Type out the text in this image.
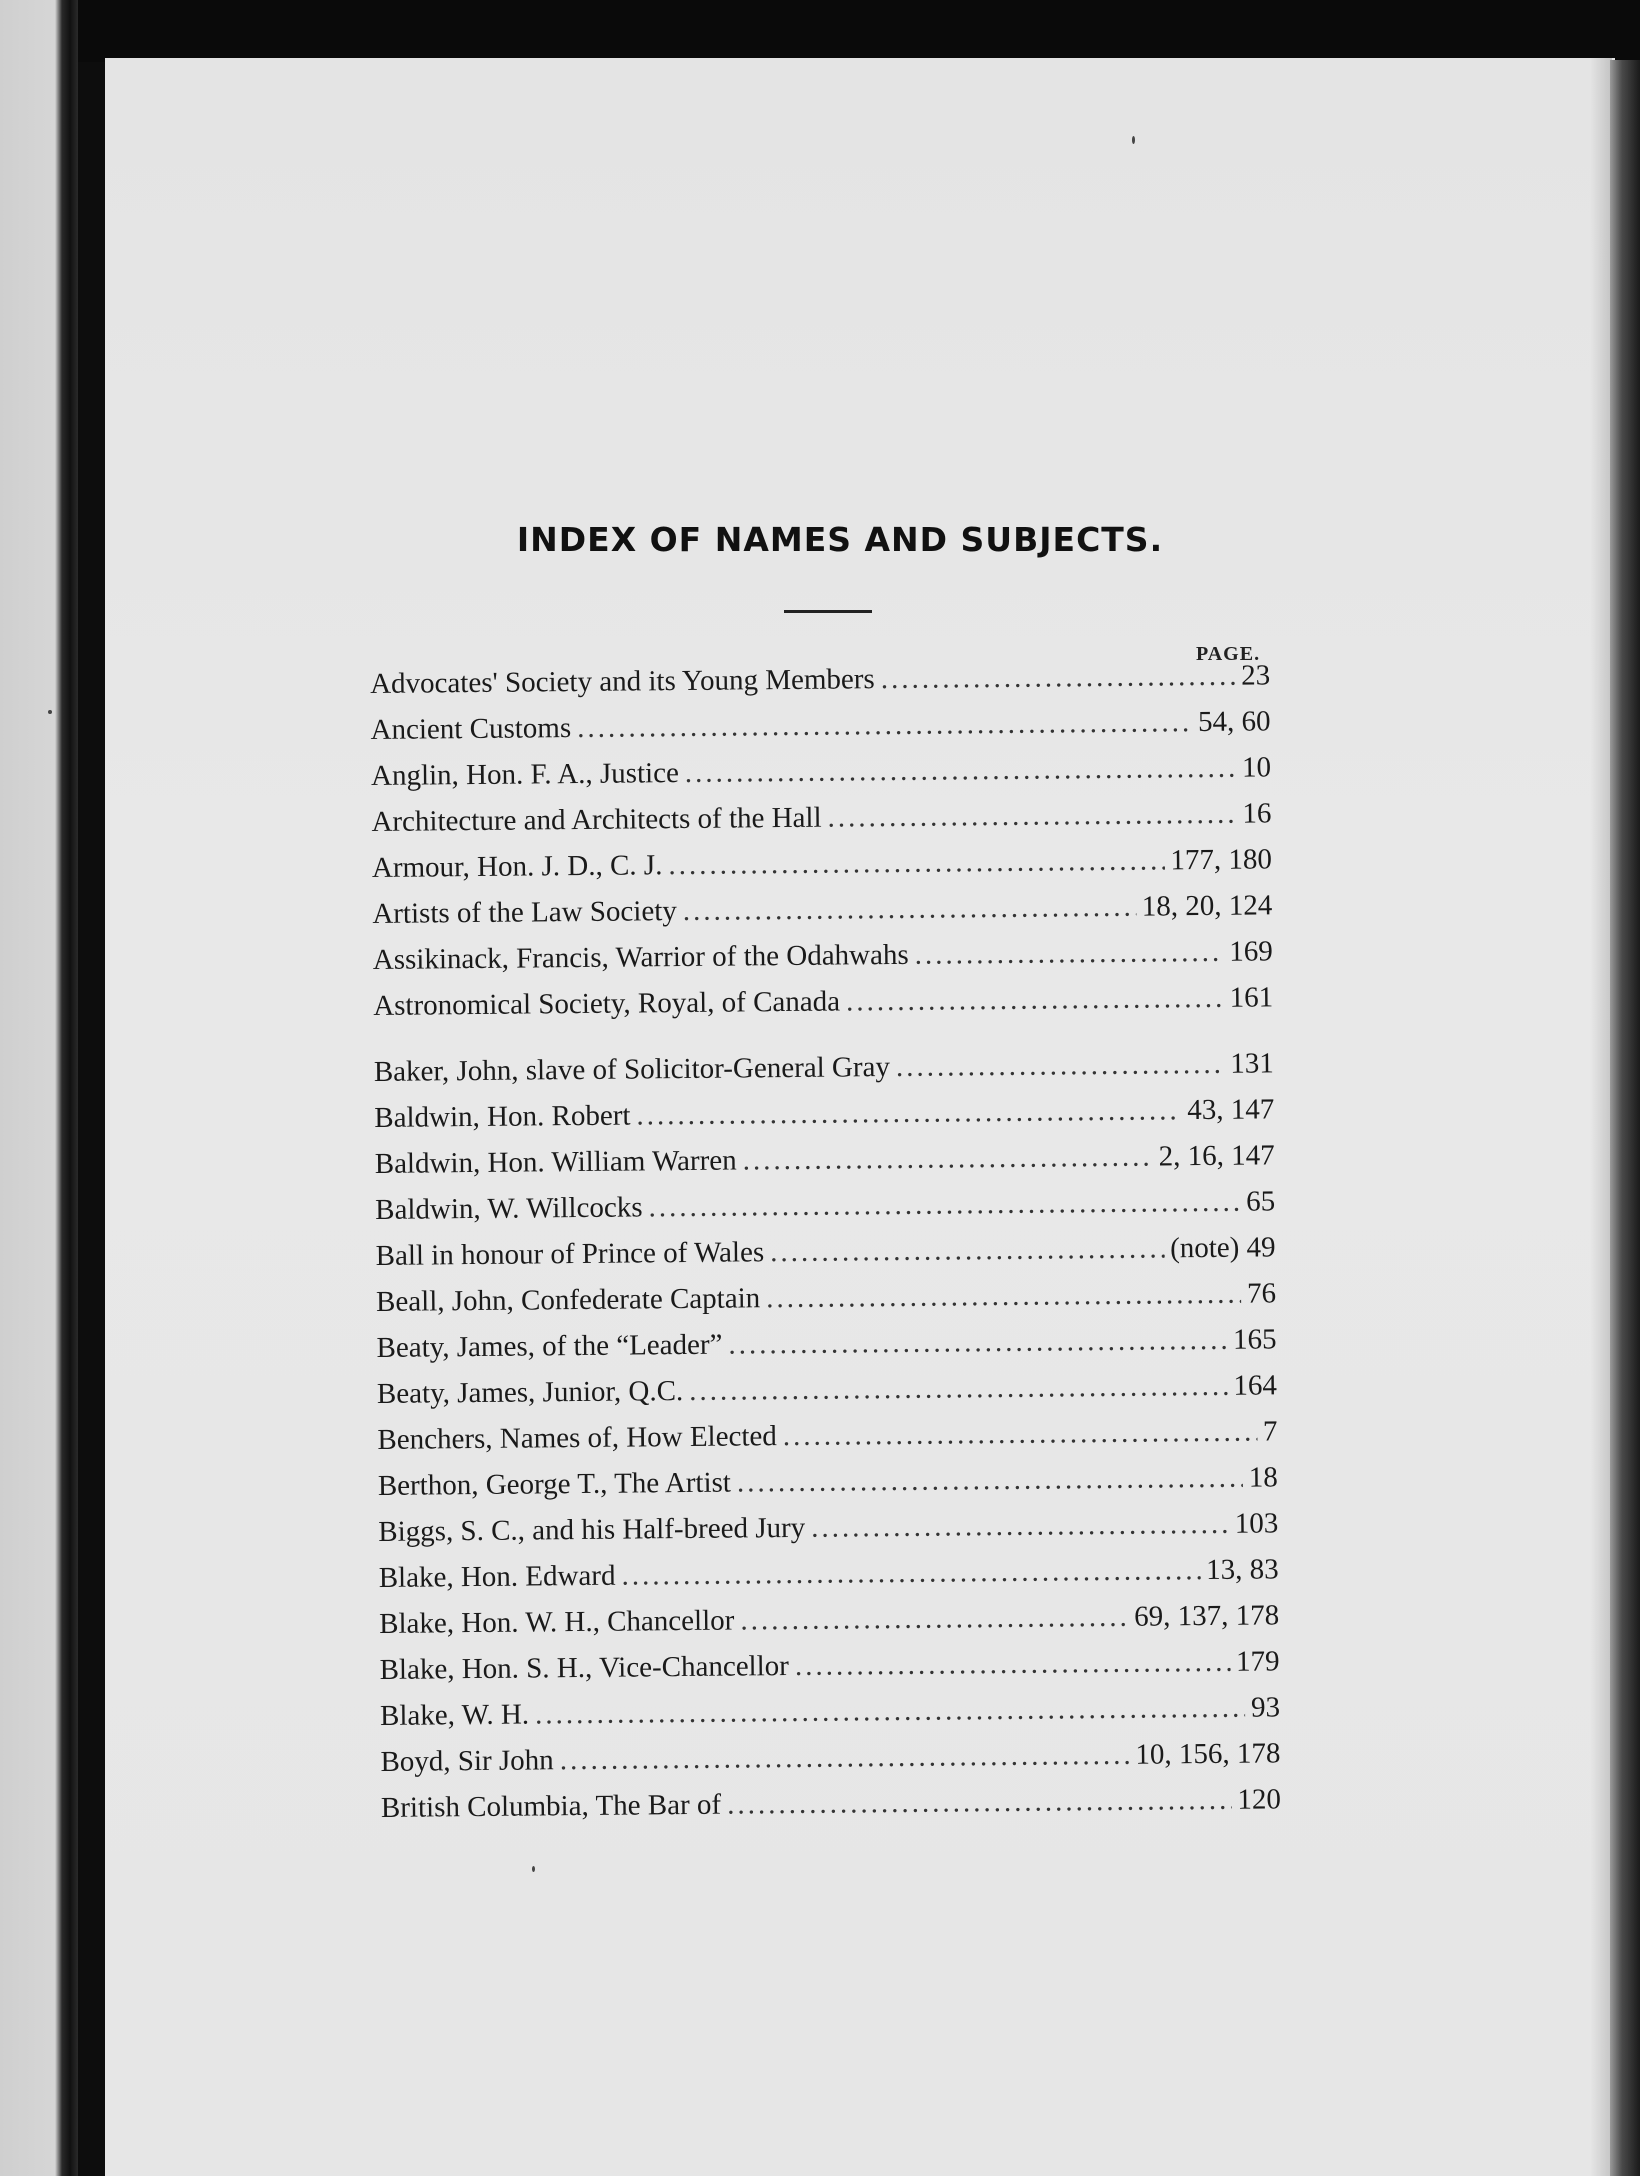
INDEX OF NAMES AND SUBJECTS.
PAGE.
Advocates' Society and its Young Members .....	23
Ancient Customs .....	54, 60
Anglin, Hon. F. A., Justice .....	10
Architecture and Architects of the Hall .....	16
Armour, Hon. J. D., C. J. .....	177, 180
Artists of the Law Society .....	18, 20, 124
Assikinack, Francis, Warrior of the Odahwahs .....	169
Astronomical Society, Royal, of Canada .....	161
Baker, John, slave of Solicitor-General Gray .....	131
Baldwin, Hon. Robert .....	43, 147
Baldwin, Hon. William Warren .....	2, 16, 147
Baldwin, W. Willcocks .....	65
Ball in honour of Prince of Wales .....	(note) 49
Beall, John, Confederate Captain .....	76
Beaty, James, of the “Leader” .....	165
Beaty, James, Junior, Q.C. .....	164
Benchers, Names of, How Elected .....	7
Berthon, George T., The Artist .....	18
Biggs, S. C., and his Half-breed Jury .....	103
Blake, Hon. Edward .....	13, 83
Blake, Hon. W. H., Chancellor .....	69, 137, 178
Blake, Hon. S. H., Vice-Chancellor .....	179
Blake, W. H. .....	93
Boyd, Sir John .....	10, 156, 178
British Columbia, The Bar of .....	120
